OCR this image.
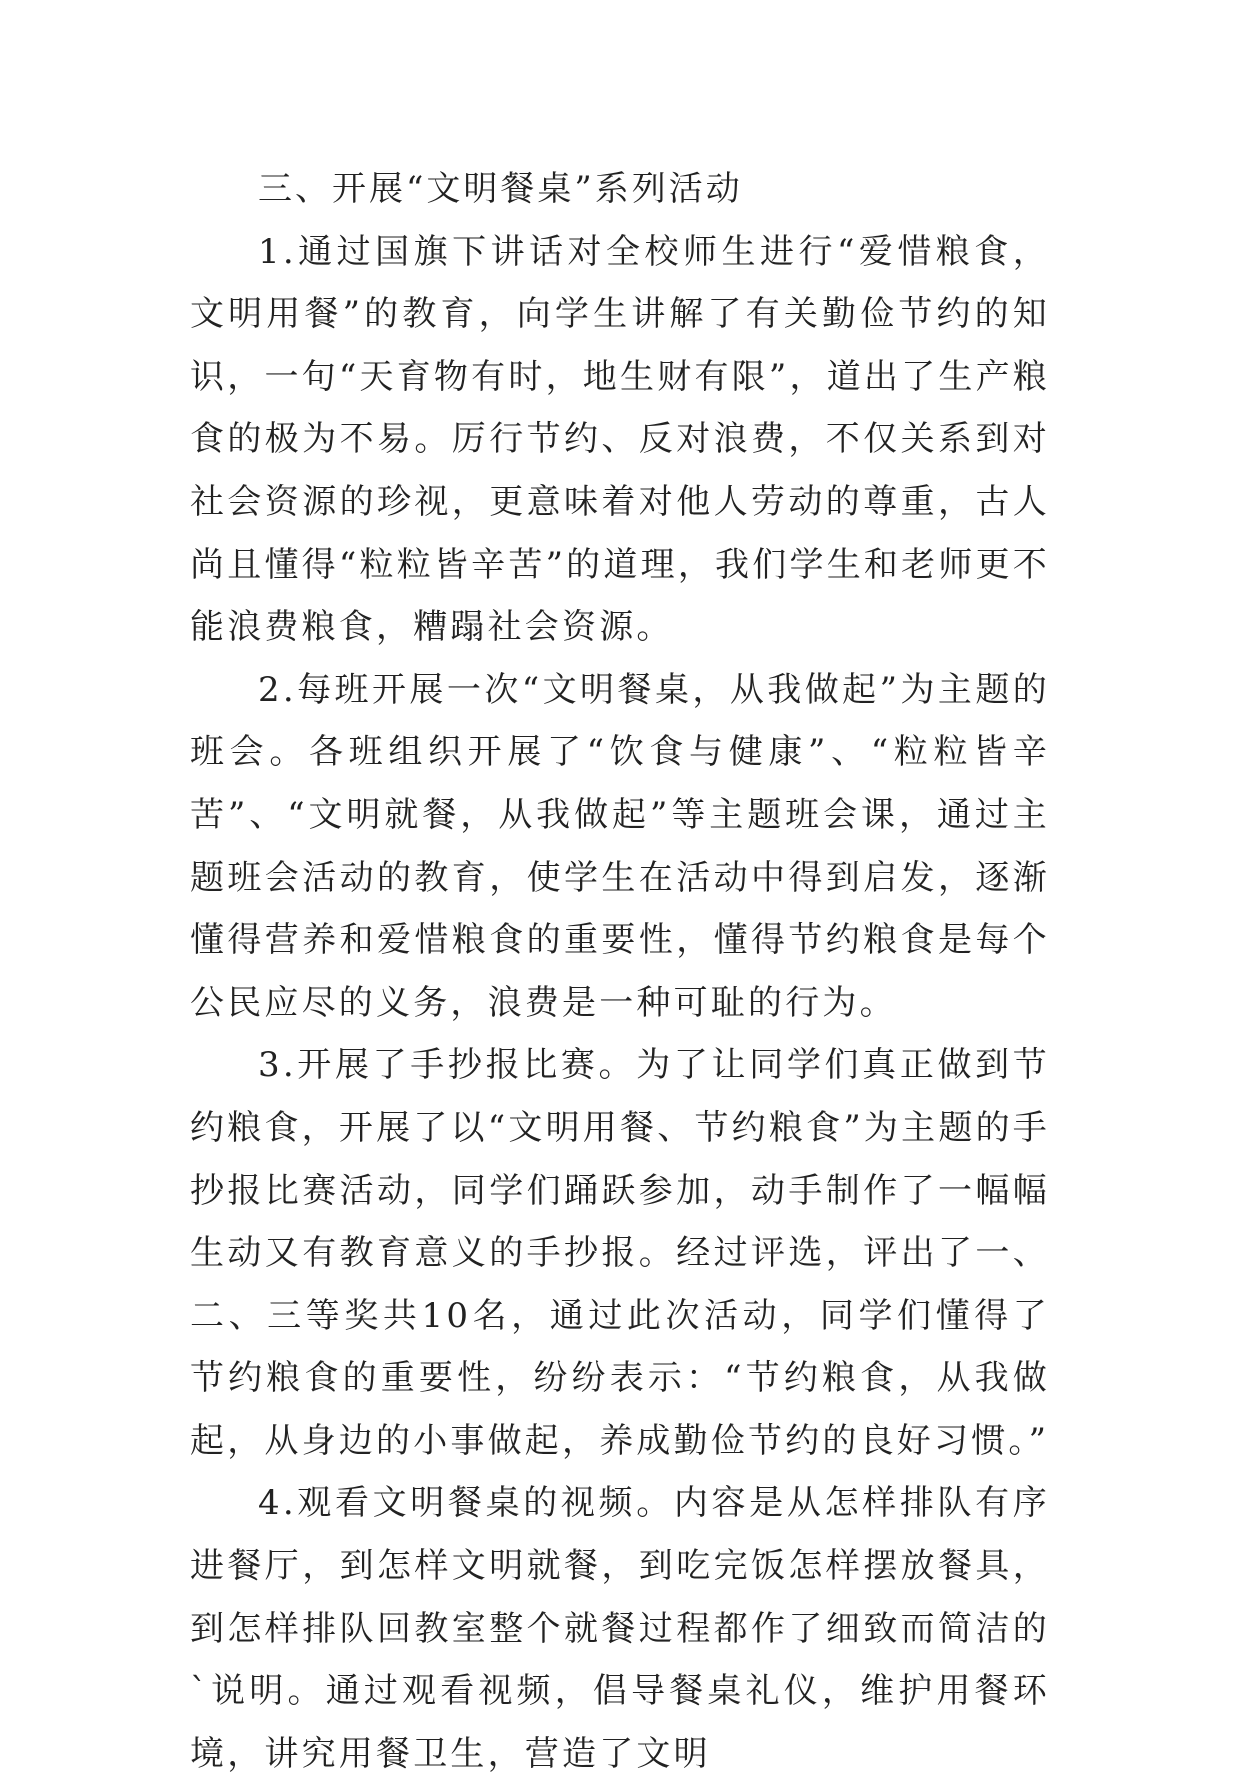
三、开展“文明餐桌”系列活动

1.通过国旗下讲话对全校师生进行“爱惜粮食，文明用餐”的教育，向学生讲解了有关勤俭节约的知识，一句“天育物有时，地生财有限”，道出了生产粮食的极为不易。厉行节约、反对浪费，不仅关系到对社会资源的珍视，更意味着对他人劳动的尊重，古人尚且懂得“粒粒皆辛苦”的道理，我们学生和老师更不能浪费粮食，糟蹋社会资源。

2.每班开展一次“文明餐桌，从我做起”为主题的班会。各班组织开展了“饮食与健康”、“粒粒皆辛苦”、“文明就餐，从我做起”等主题班会课，通过主题班会活动的教育，使学生在活动中得到启发，逐渐懂得营养和爱惜粮食的重要性，懂得节约粮食是每个公民应尽的义务，浪费是一种可耻的行为。

3.开展了手抄报比赛。为了让同学们真正做到节约粮食，开展了以“文明用餐、节约粮食”为主题的手抄报比赛活动，同学们踊跃参加，动手制作了一幅幅生动又有教育意义的手抄报。经过评选，评出了一、二、三等奖共10名，通过此次活动，同学们懂得了节约粮食的重要性，纷纷表示：“节约粮食，从我做起，从身边的小事做起，养成勤俭节约的良好习惯。”

4.观看文明餐桌的视频。内容是从怎样排队有序进餐厅，到怎样文明就餐，到吃完饭怎样摆放餐具，到怎样排队回教室整个就餐过程都作了细致而简洁的`说明。通过观看视频，倡导餐桌礼仪，维护用餐环境，讲究用餐卫生，营造了文明
